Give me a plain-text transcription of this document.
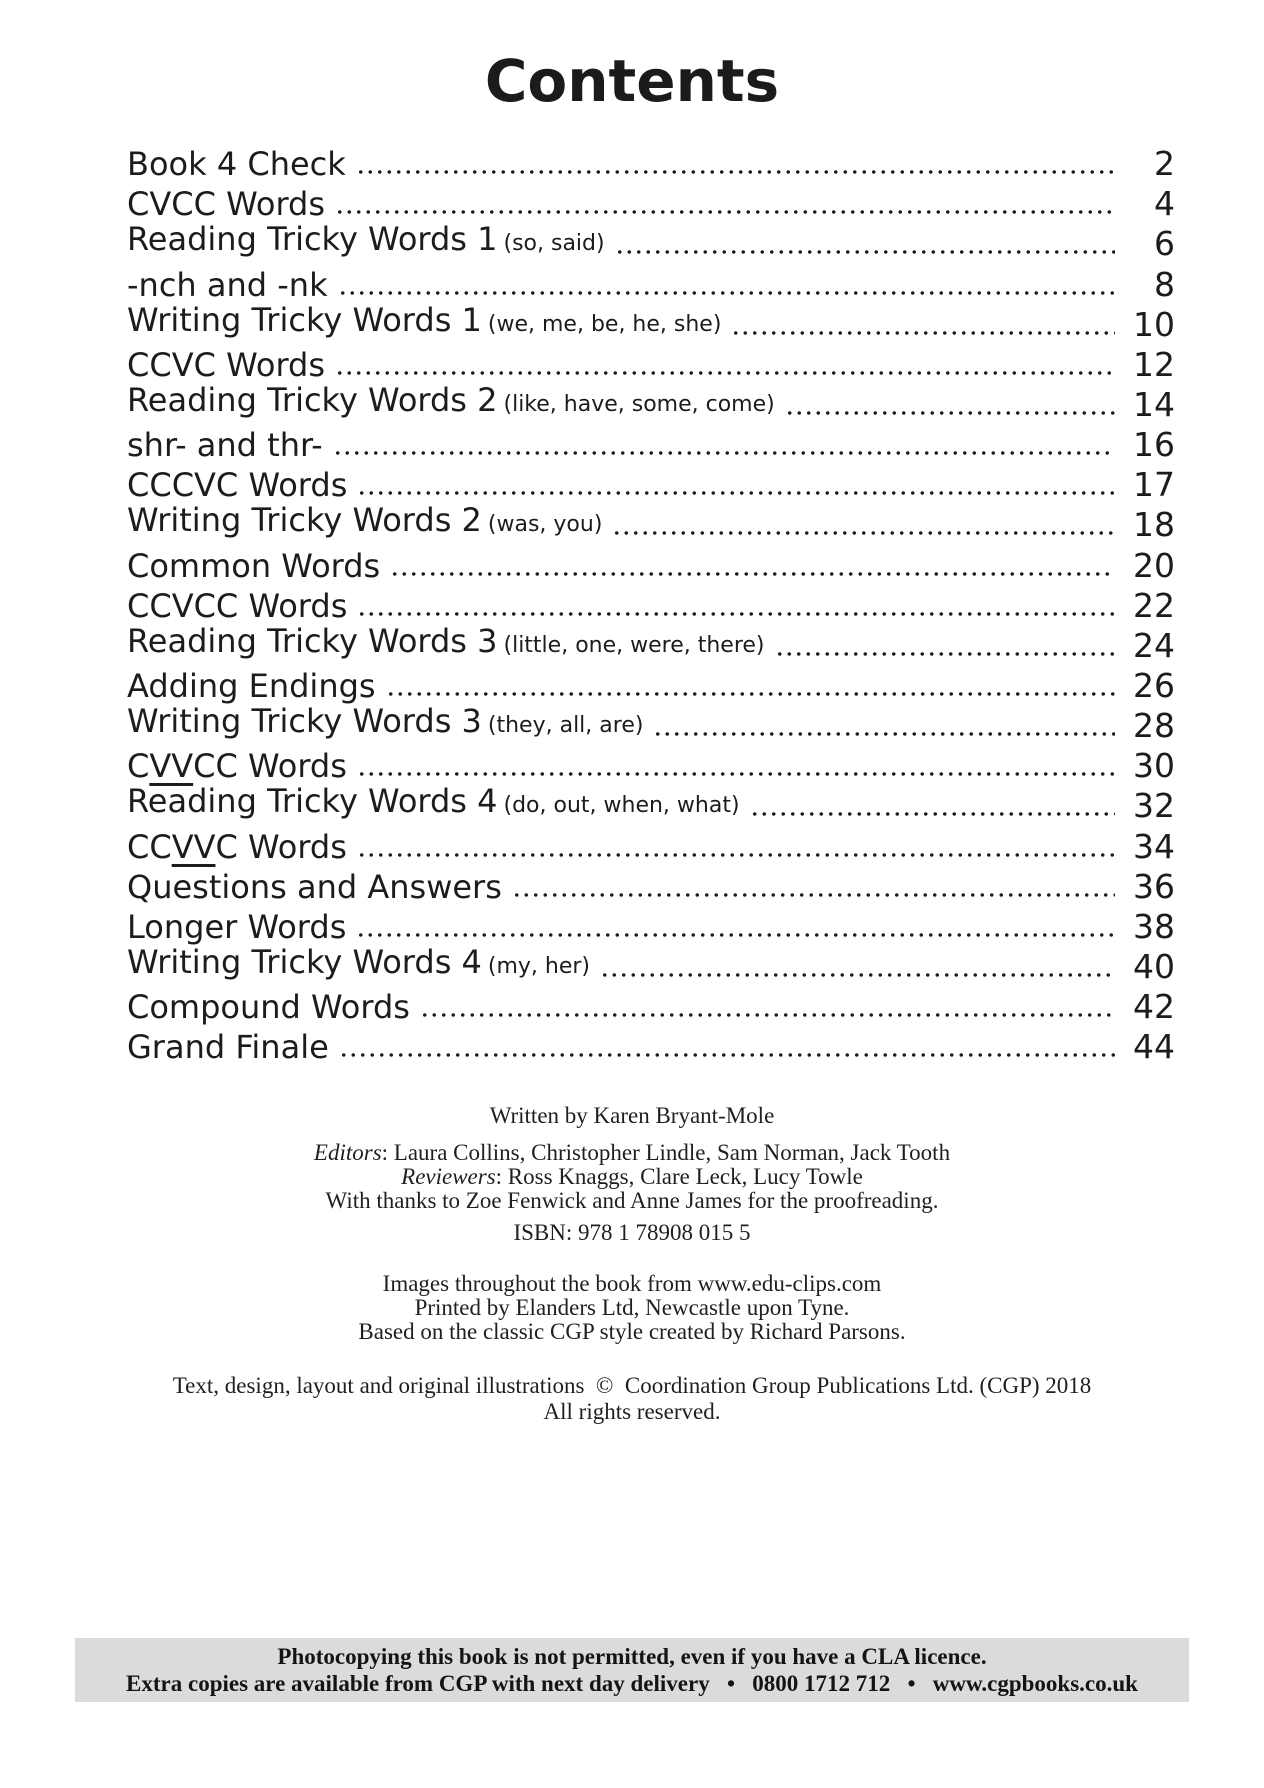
Contents
Book 4 Check	2
CVCC Words	4
Reading Tricky Words 1 (so, said)	6
-nch and -nk	8
Writing Tricky Words 1 (we, me, be, he, she)	10
CCVC Words	12
Reading Tricky Words 2 (like, have, some, come)	14
shr- and thr-	16
CCCVC Words	17
Writing Tricky Words 2 (was, you)	18
Common Words	20
CCVCC Words	22
Reading Tricky Words 3 (little, one, were, there)	24
Adding Endings	26
Writing Tricky Words 3 (they, all, are)	28
CVVCC Words	30
Reading Tricky Words 4 (do, out, when, what)	32
CCVVC Words	34
Questions and Answers	36
Longer Words	38
Writing Tricky Words 4 (my, her)	40
Compound Words	42
Grand Finale	44

Written by Karen Bryant-Mole

Editors: Laura Collins, Christopher Lindle, Sam Norman, Jack Tooth

Reviewers: Ross Knaggs, Clare Leck, Lucy Towle

With thanks to Zoe Fenwick and Anne James for the proofreading.

ISBN: 978 1 78908 015 5

Images throughout the book from www.edu-clips.com

Printed by Elanders Ltd, Newcastle upon Tyne.

Based on the classic CGP style created by Richard Parsons.

Text, design, layout and original illustrations  ©  Coordination Group Publications Ltd. (CGP) 2018

All rights reserved.

Photocopying this book is not permitted, even if you have a CLA licence.

Extra copies are available from CGP with next day delivery   •   0800 1712 712   •   www.cgpbooks.co.uk
